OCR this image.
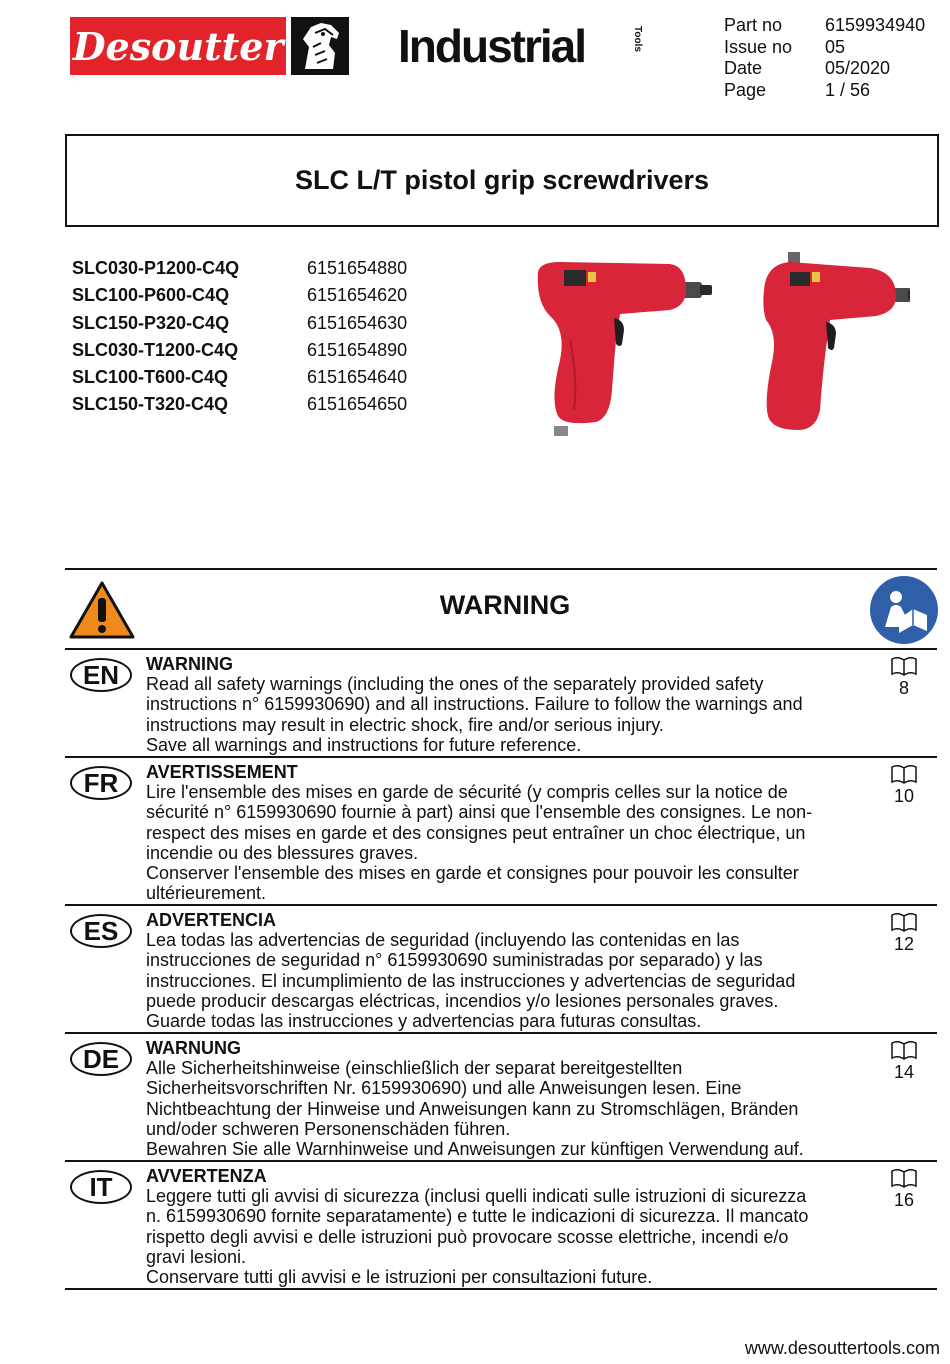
Desoutter Industrial	Tools
Part no	6159934940
Issue no	05
Date	05/2020
Page	1 / 56
SLC L/T pistol grip screwdrivers
SLC030-P1200-C4Q	6151654880
SLC100-P600-C4Q	6151654620
SLC150-P320-C4Q	6151654630
SLC030-T1200-C4Q	6151654890
SLC100-T600-C4Q	6151654640
SLC150-T320-C4Q	6151654650
WARNING
EN	WARNING
Read all safety warnings (including the ones of the separately provided safety
instructions n° 6159930690) and all instructions. Failure to follow the warnings and
instructions may result in electric shock, fire and/or serious injury.
Save all warnings and instructions for future reference.
8
FR	AVERTISSEMENT
Lire l'ensemble des mises en garde de sécurité (y compris celles sur la notice de
sécurité n° 6159930690 fournie à part) ainsi que l'ensemble des consignes. Le non-
respect des mises en garde et des consignes peut entraîner un choc électrique, un
incendie ou des blessures graves.
Conserver l'ensemble des mises en garde et consignes pour pouvoir les consulter
ultérieurement.
10
ES	ADVERTENCIA
Lea todas las advertencias de seguridad (incluyendo las contenidas en las
instrucciones de seguridad n° 6159930690 suministradas por separado) y las
instrucciones. El incumplimiento de las instrucciones y advertencias de seguridad
puede producir descargas eléctricas, incendios y/o lesiones personales graves.
Guarde todas las instrucciones y advertencias para futuras consultas.
12
DE	WARNUNG
Alle Sicherheitshinweise (einschließlich der separat bereitgestellten
Sicherheitsvorschriften Nr. 6159930690) und alle Anweisungen lesen. Eine
Nichtbeachtung der Hinweise und Anweisungen kann zu Stromschlägen, Bränden
und/oder schweren Personenschäden führen.
Bewahren Sie alle Warnhinweise und Anweisungen zur künftigen Verwendung auf.
14
IT	AVVERTENZA
Leggere tutti gli avvisi di sicurezza (inclusi quelli indicati sulle istruzioni di sicurezza
n. 6159930690 fornite separatamente) e tutte le indicazioni di sicurezza. Il mancato
rispetto degli avvisi e delle istruzioni può provocare scosse elettriche, incendi e/o
gravi lesioni.
Conservare tutti gli avvisi e le istruzioni per consultazioni future.
16
www.desouttertools.com
